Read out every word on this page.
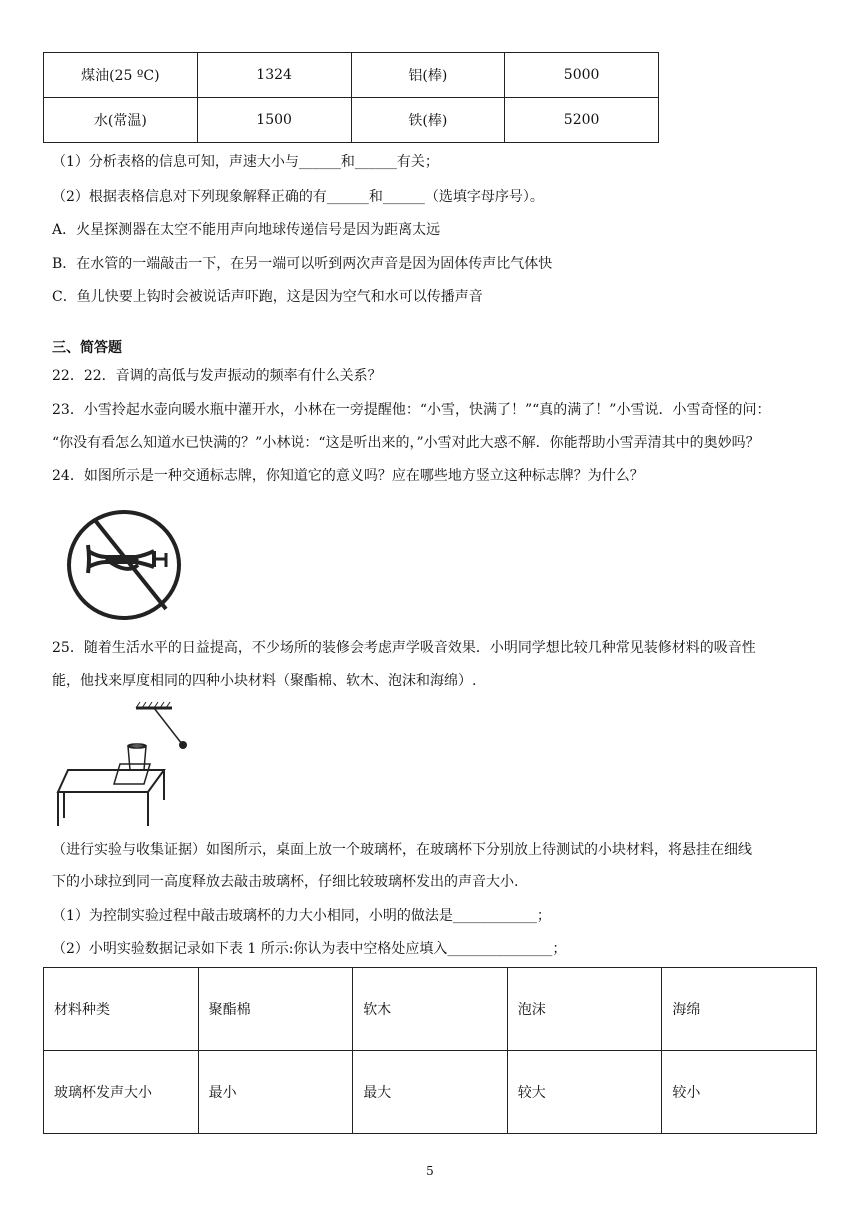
煤油(25 ºC)	1324	铝(棒)	5000
水(常温)	1500	铁(棒)	5200
（1）分析表格的信息可知，声速大小与______和______有关；
（2）根据表格信息对下列现象解释正确的有______和______（选填字母序号）。
A．火星探测器在太空不能用声向地球传递信号是因为距离太远
B．在水管的一端敲击一下，在另一端可以听到两次声音是因为固体传声比气体快
C．鱼儿快要上钩时会被说话声吓跑，这是因为空气和水可以传播声音
三、简答题
22．22．音调的高低与发声振动的频率有什么关系？
23．小雪拎起水壶向暖水瓶中灌开水，小林在一旁提醒他：“小雪，快满了！”“真的满了！”小雪说．小雪奇怪的问：
“你没有看怎么知道水已快满的？”小林说：“这是听出来的，”小雪对此大惑不解．你能帮助小雪弄清其中的奥妙吗？
24．如图所示是一种交通标志牌，你知道它的意义吗？应在哪些地方竖立这种标志牌？为什么？
25．随着生活水平的日益提高，不少场所的装修会考虑声学吸音效果．小明同学想比较几种常见装修材料的吸音性
能，他找来厚度相同的四种小块材料（聚酯棉、软木、泡沫和海绵）.
（进行实验与收集证据）如图所示，桌面上放一个玻璃杯，在玻璃杯下分别放上待测试的小块材料，将悬挂在细线
下的小球拉到同一高度释放去敲击玻璃杯，仔细比较玻璃杯发出的声音大小.
（1）为控制实验过程中敲击玻璃杯的力大小相同，小明的做法是____________；
（2）小明实验数据记录如下表 1 所示:你认为表中空格处应填入_______________；
材料种类	聚酯棉	软木	泡沫	海绵
玻璃杯发声大小	最小	最大	较大	较小
5
